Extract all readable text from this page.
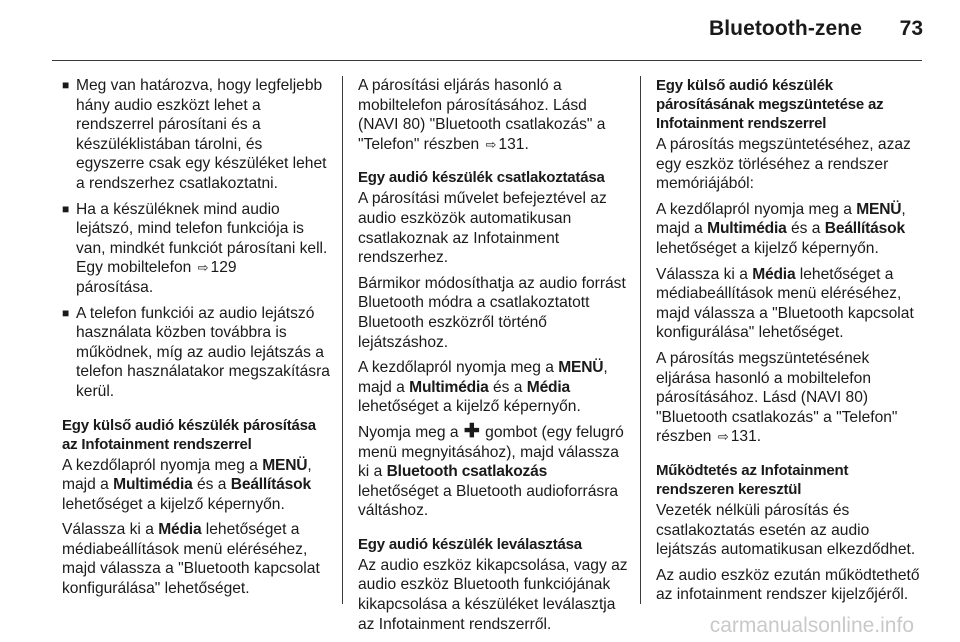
Bluetooth-zene 73
■ Meg van határozva, hogy legfeljebb hány audio eszközt lehet a rendszerrel párosítani és a készüléklistában tárolni, és egyszerre csak egy készüléket lehet a rendszerhez csatlakoztatni.
■ Ha a készüléknek mind audio lejátszó, mind telefon funkciója is van, mindkét funkciót párosítani kell. Egy mobiltelefon ⇨ 129
párosítása.
■ A telefon funkciói az audio lejátszó használata közben továbbra is működnek, míg az audio lejátszás a telefon használatakor megszakításra kerül.
Egy külső audió készülék párosítása az Infotainment rendszerrel

A kezdőlapról nyomja meg a MENÜ, majd a Multimédia és a Beállítások lehetőséget a kijelző képernyőn.

Válassza ki a Média lehetőséget a médiabeállítások menü eléréséhez, majd válassza a "Bluetooth kapcsolat konfigurálása" lehetőséget.

A párosítási eljárás hasonló a mobiltelefon párosításához. Lásd (NAVI 80) "Bluetooth csatlakozás" a "Telefon" részben ⇨ 131.

Egy audió készülék csatlakoztatása

A párosítási művelet befejeztével az audio eszközök automatikusan csatlakoznak az Infotainment rendszerhez.

Bármikor módosíthatja az audio forrást Bluetooth módra a csatlakoztatott Bluetooth eszközről történő lejátszáshoz.

A kezdőlapról nyomja meg a MENÜ, majd a Multimédia és a Média lehetőséget a kijelző képernyőn.

Nyomja meg a ✚ gombot (egy felugró menü megnyitásához), majd válassza ki a Bluetooth csatlakozás lehetőséget a Bluetooth audioforrásra váltáshoz.

Egy audió készülék leválasztása

Az audio eszköz kikapcsolása, vagy az audio eszköz Bluetooth funkciójának kikapcsolása a készüléket leválasztja az Infotainment rendszerről.

Egy külső audió készülék párosításának megszüntetése az Infotainment rendszerrel

A párosítás megszüntetéséhez, azaz egy eszköz törléséhez a rendszer memóriájából:

A kezdőlapról nyomja meg a MENÜ, majd a Multimédia és a Beállítások lehetőséget a kijelző képernyőn.

Válassza ki a Média lehetőséget a médiabeállítások menü eléréséhez, majd válassza a "Bluetooth kapcsolat konfigurálása" lehetőséget.

A párosítás megszüntetésének eljárása hasonló a mobiltelefon párosításához. Lásd (NAVI 80) "Bluetooth csatlakozás" a "Telefon" részben ⇨ 131.

Működtetés az Infotainment rendszeren keresztül

Vezeték nélküli párosítás és csatlakoztatás esetén az audio lejátszás automatikusan elkezdődhet.

Az audio eszköz ezután működtethető az infotainment rendszer kijelzőjéről.

carmanualsonline.info
